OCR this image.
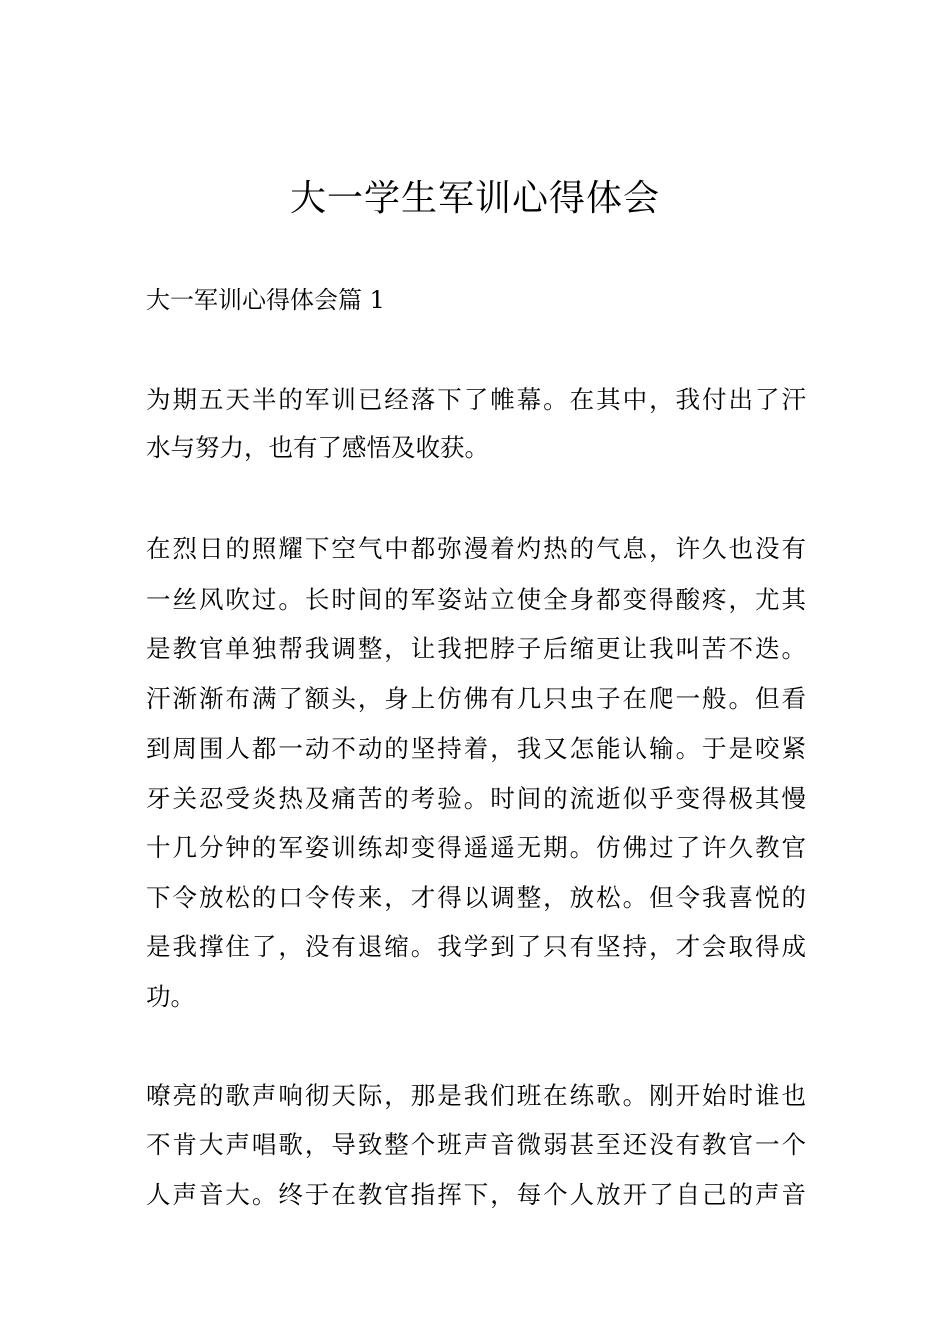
大一学生军训心得体会
大一军训心得体会篇 1
为期五天半的军训已经落下了帷幕。在其中，我付出了汗
水与努力，也有了感悟及收获。
在烈日的照耀下空气中都弥漫着灼热的气息，许久也没有
一丝风吹过。长时间的军姿站立使全身都变得酸疼，尤其
是教官单独帮我调整，让我把脖子后缩更让我叫苦不迭。
汗渐渐布满了额头，身上仿佛有几只虫子在爬一般。但看
到周围人都一动不动的坚持着，我又怎能认输。于是咬紧
牙关忍受炎热及痛苦的考验。时间的流逝似乎变得极其慢
十几分钟的军姿训练却变得遥遥无期。仿佛过了许久教官
下令放松的口令传来，才得以调整，放松。但令我喜悦的
是我撑住了，没有退缩。我学到了只有坚持，才会取得成
功。
嘹亮的歌声响彻天际，那是我们班在练歌。刚开始时谁也
不肯大声唱歌，导致整个班声音微弱甚至还没有教官一个
人声音大。终于在教官指挥下，每个人放开了自己的声音
